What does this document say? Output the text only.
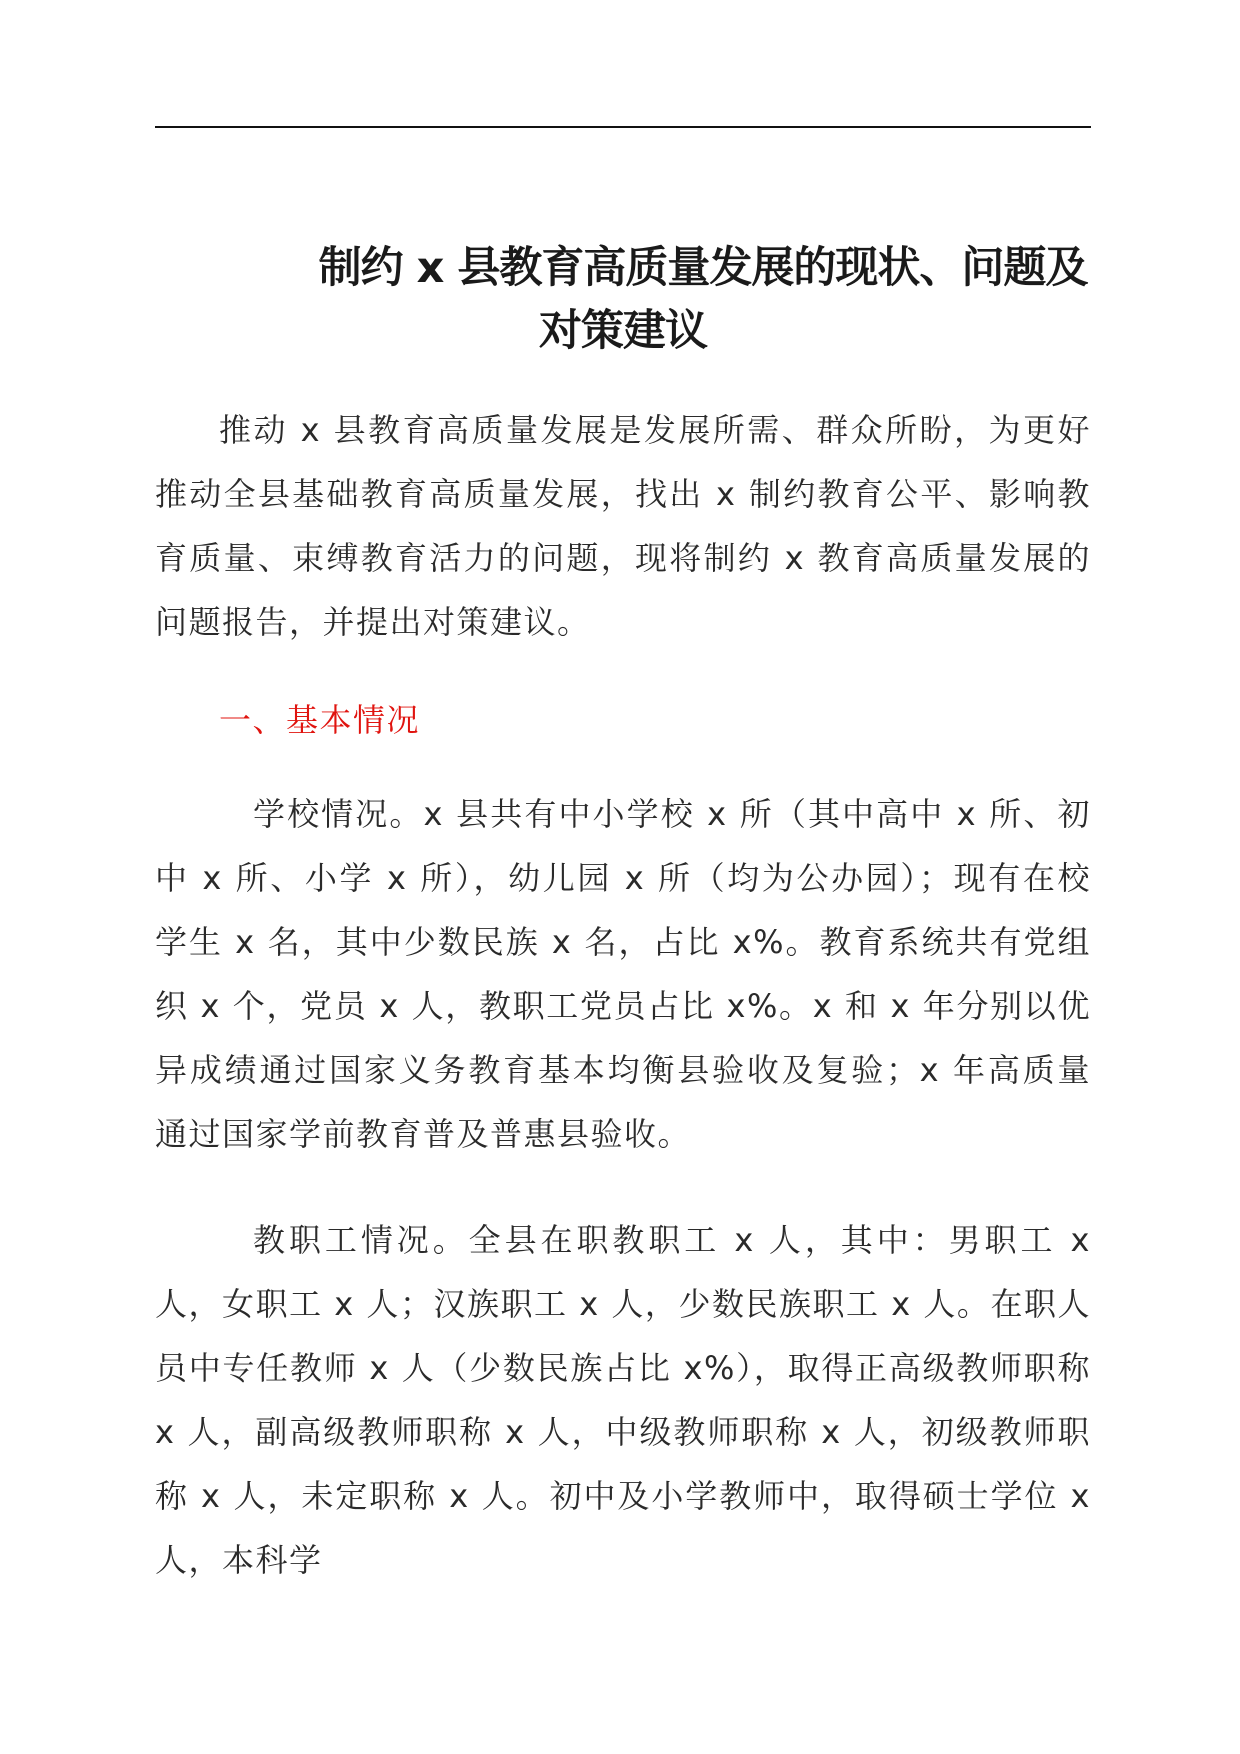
制约 x 县教育高质量发展的现状、问题及
对策建议

推动 x 县教育高质量发展是发展所需、群众所盼，为更好推动全县基础教育高质量发展，找出 x 制约教育公平、影响教育质量、束缚教育活力的问题，现将制约 x 教育高质量发展的问题报告，并提出对策建议。

一、基本情况

学校情况。x 县共有中小学校 x 所（其中高中 x 所、初中 x 所、小学 x 所），幼儿园 x 所（均为公办园）；现有在校学生 x 名，其中少数民族 x 名，占比 x%。教育系统共有党组织 x 个，党员 x 人，教职工党员占比 x%。x 和 x 年分别以优异成绩通过国家义务教育基本均衡县验收及复验；x 年高质量通过国家学前教育普及普惠县验收。

教职工情况。全县在职教职工 x 人，其中：男职工 x 人，女职工 x 人；汉族职工 x 人，少数民族职工 x 人。在职人员中专任教师 x 人（少数民族占比 x%），取得正高级教师职称 x 人，副高级教师职称 x 人，中级教师职称 x 人，初级教师职称 x 人，未定职称 x 人。初中及小学教师中，取得硕士学位 x 人，本科学
